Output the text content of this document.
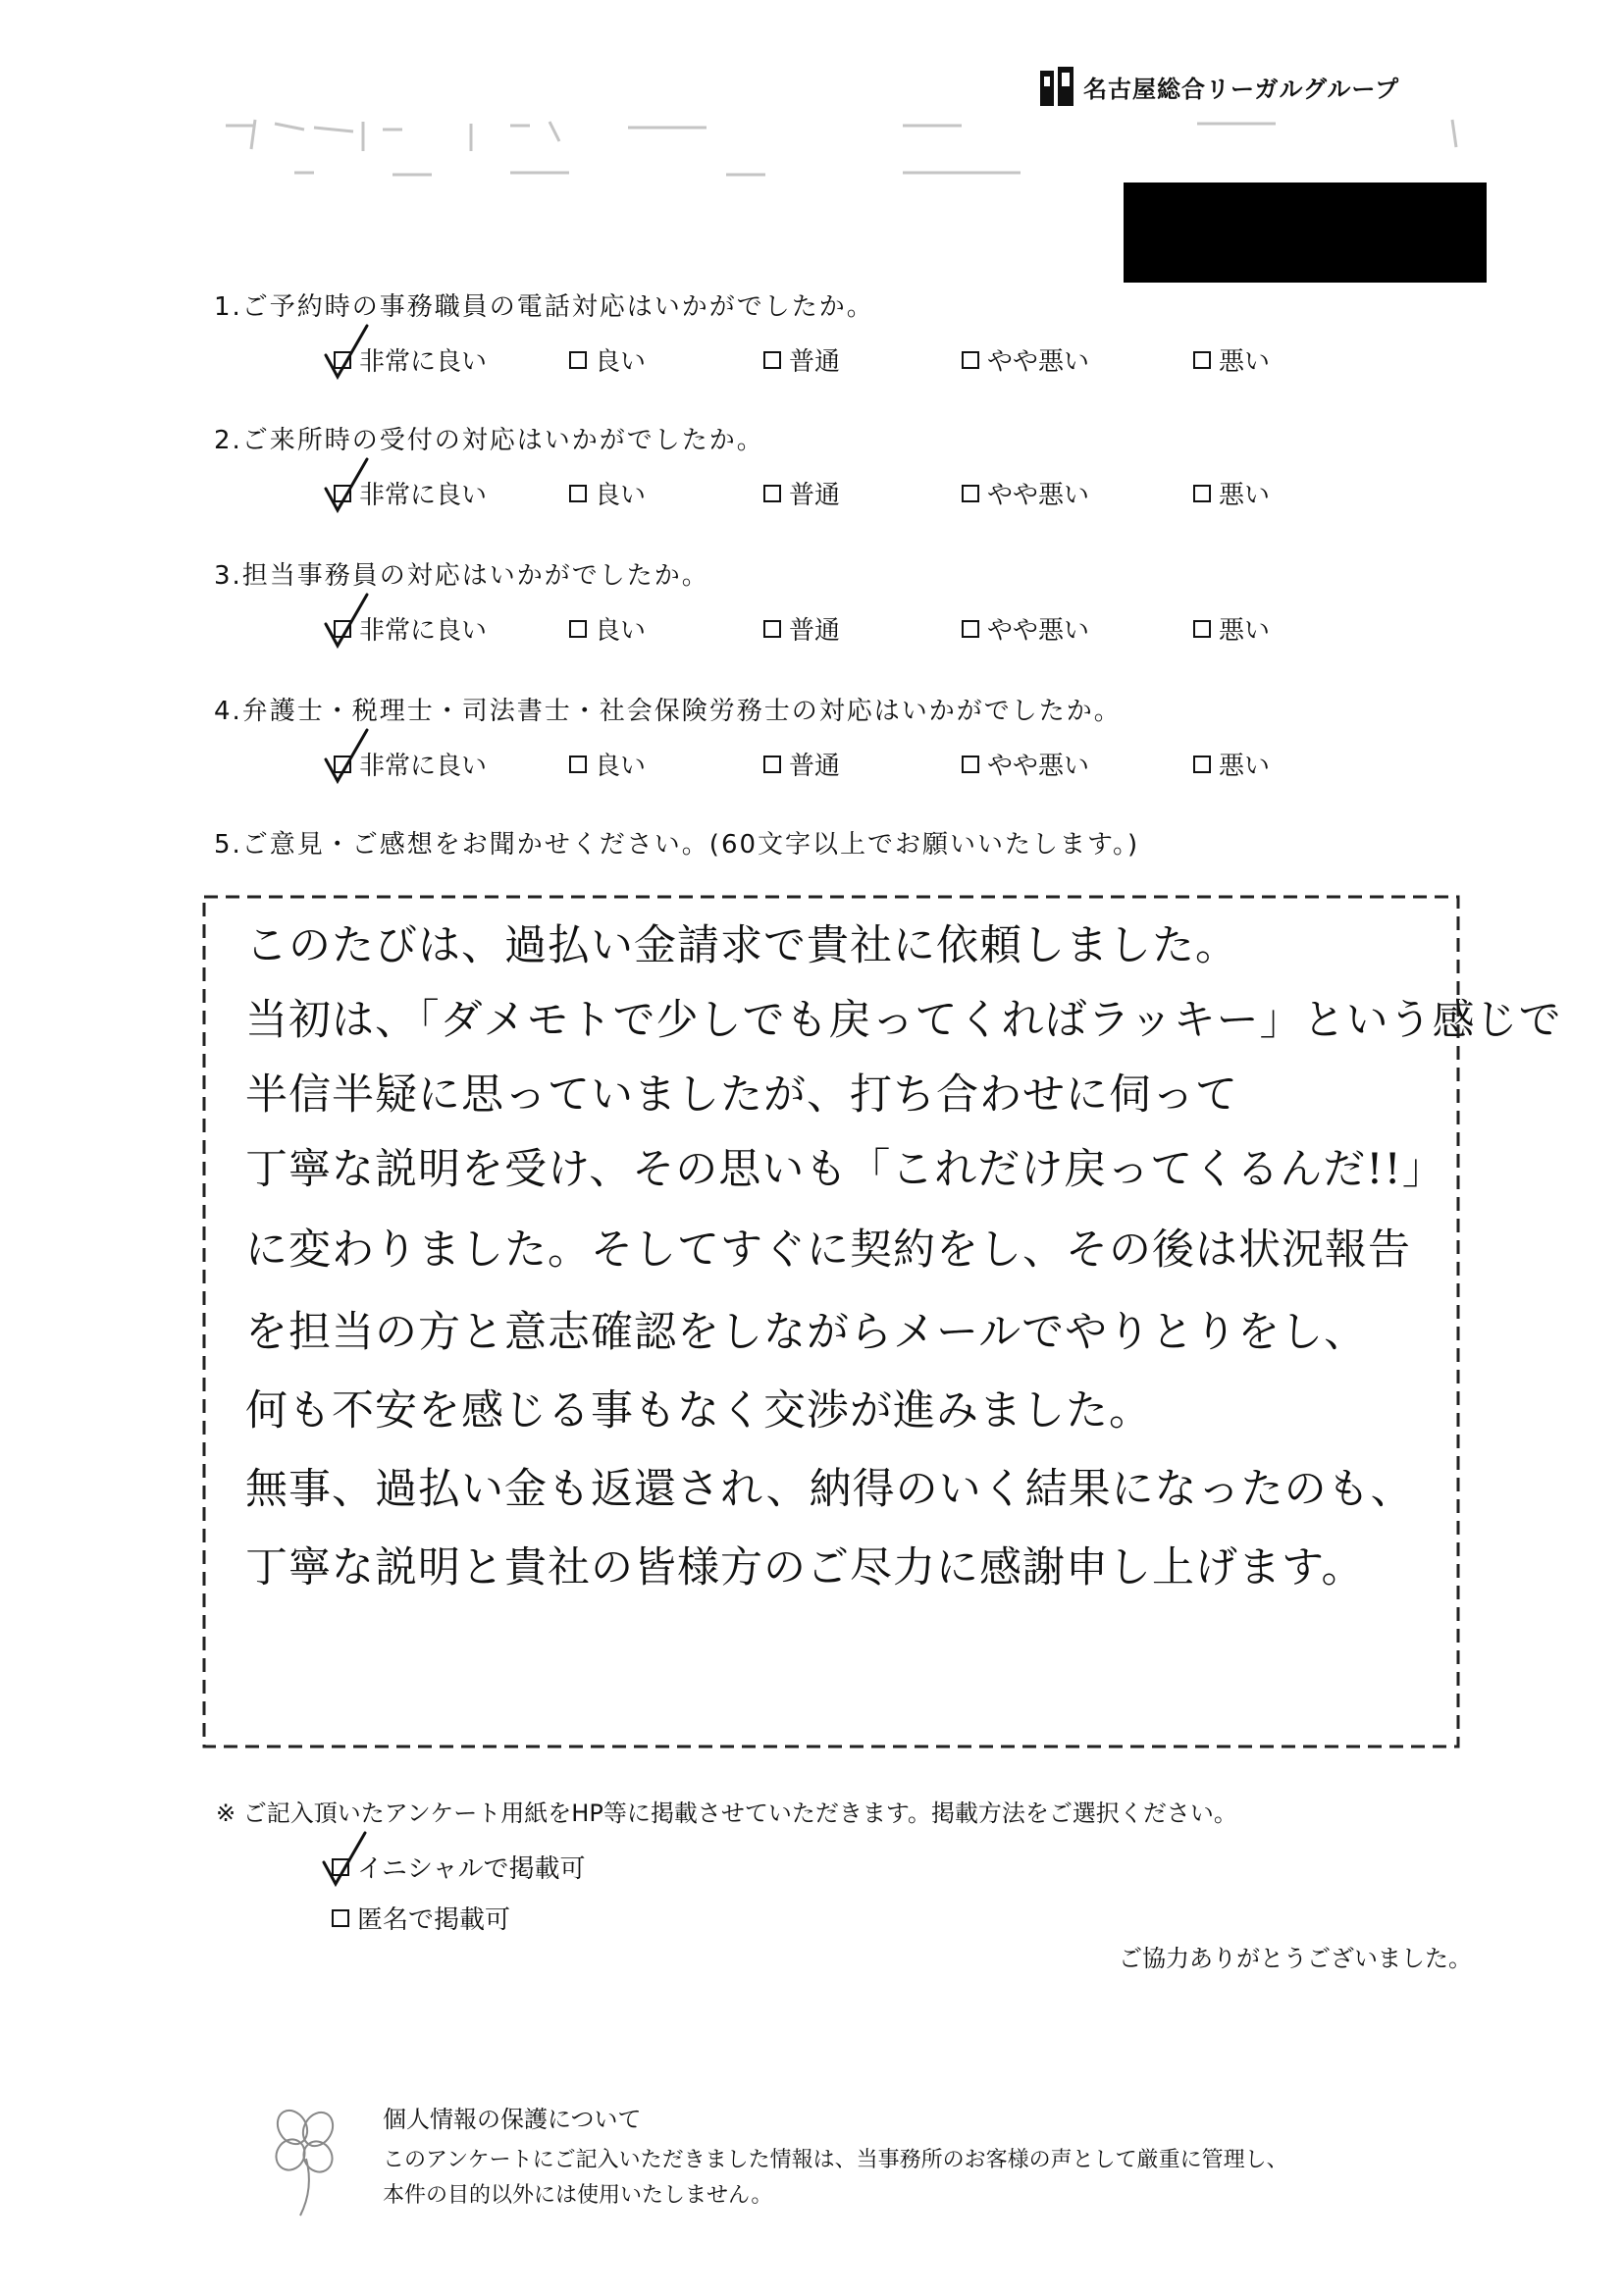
名古屋総合リーガルグループ
1.ご予約時の事務職員の電話対応はいかがでしたか。
非常に良い	良い	普通	やや悪い	悪い
2.ご来所時の受付の対応はいかがでしたか。
非常に良い	良い	普通	やや悪い	悪い
3.担当事務員の対応はいかがでしたか。
非常に良い	良い	普通	やや悪い	悪い
4.弁護士・税理士・司法書士・社会保険労務士の対応はいかがでしたか。
非常に良い	良い	普通	やや悪い	悪い
5.ご意見・ご感想をお聞かせください。(60文字以上でお願いいたします。)
このたびは、過払い金請求で貴社に依頼しました。
当初は、「ダメモトで少しでも戻ってくればラッキー」という感じで
半信半疑に思っていましたが、打ち合わせに伺って
丁寧な説明を受け、その思いも「これだけ戻ってくるんだ!!」
に変わりました。そしてすぐに契約をし、その後は状況報告
を担当の方と意志確認をしながらメールでやりとりをし、
何も不安を感じる事もなく交渉が進みました。
無事、過払い金も返還され、納得のいく結果になったのも、
丁寧な説明と貴社の皆様方のご尽力に感謝申し上げます。
※ ご記入頂いたアンケート用紙をHP等に掲載させていただきます。掲載方法をご選択ください。
イニシャルで掲載可
匿名で掲載可
ご協力ありがとうございました。
個人情報の保護について
このアンケートにご記入いただきました情報は、当事務所のお客様の声として厳重に管理し、
本件の目的以外には使用いたしません。
